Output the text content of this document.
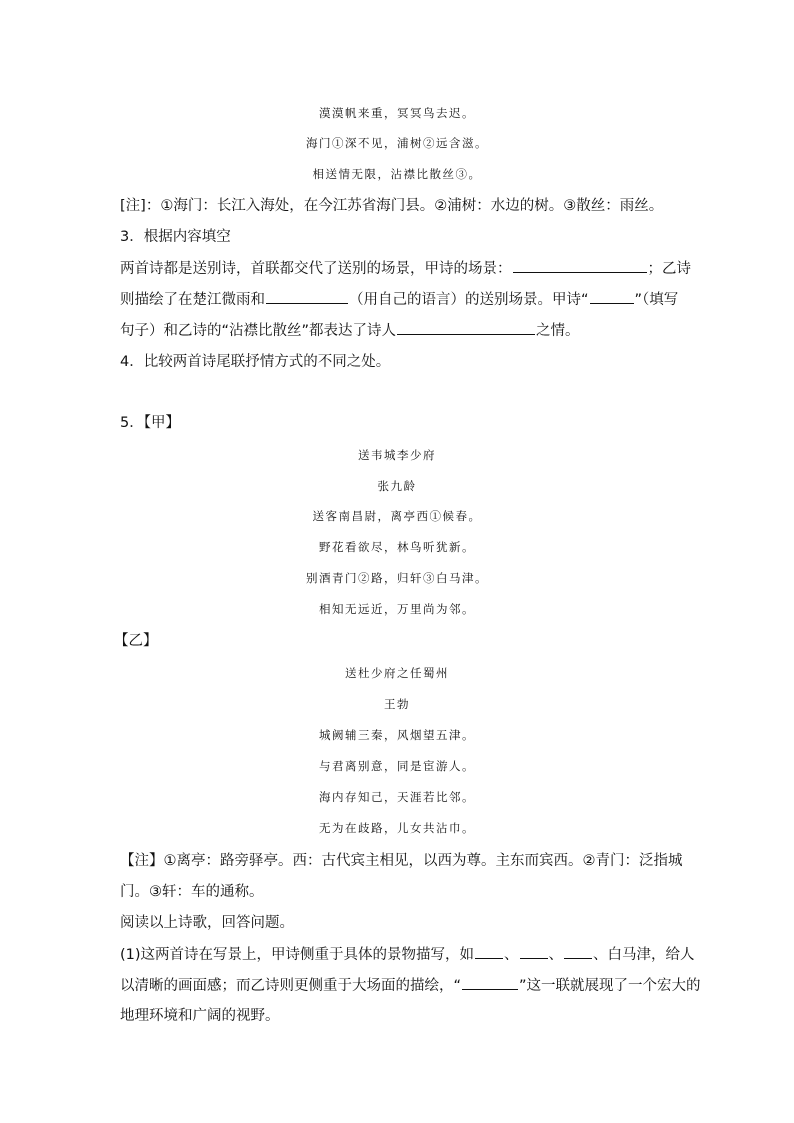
漠漠帆来重，冥冥鸟去迟。
海门①深不见，浦树②远含滋。
相送情无限，沾襟比散丝③。
[注]：①海门：长江入海处，在今江苏省海门县。②浦树：水边的树。③散丝：雨丝。
3．根据内容填空
两首诗都是送别诗，首联都交代了送别的场景，甲诗的场景：	；乙诗
则描绘了在楚江微雨和	（用自己的语言）的送别场景。甲诗“	”（填写
句子）和乙诗的“沾襟比散丝”都表达了诗人	之情。
4．比较两首诗尾联抒情方式的不同之处。
5．【甲】
送韦城李少府
张九龄
送客南昌尉，离亭西①候春。
野花看欲尽，林鸟听犹新。
别酒青门②路，归轩③白马津。
相知无远近，万里尚为邻。
【乙】
送杜少府之任蜀州
王勃
城阙辅三秦，风烟望五津。
与君离别意，同是宦游人。
海内存知己，天涯若比邻。
无为在歧路，儿女共沾巾。
【注】①离亭：路旁驿亭。西：古代宾主相见，以西为尊。主东而宾西。②青门：泛指城
门。③轩：车的通称。
阅读以上诗歌，回答问题。
(1)这两首诗在写景上，甲诗侧重于具体的景物描写，如 、 、 、白马津，给人
以清晰的画面感；而乙诗则更侧重于大场面的描绘，“	”这一联就展现了一个宏大的
地理环境和广阔的视野。
